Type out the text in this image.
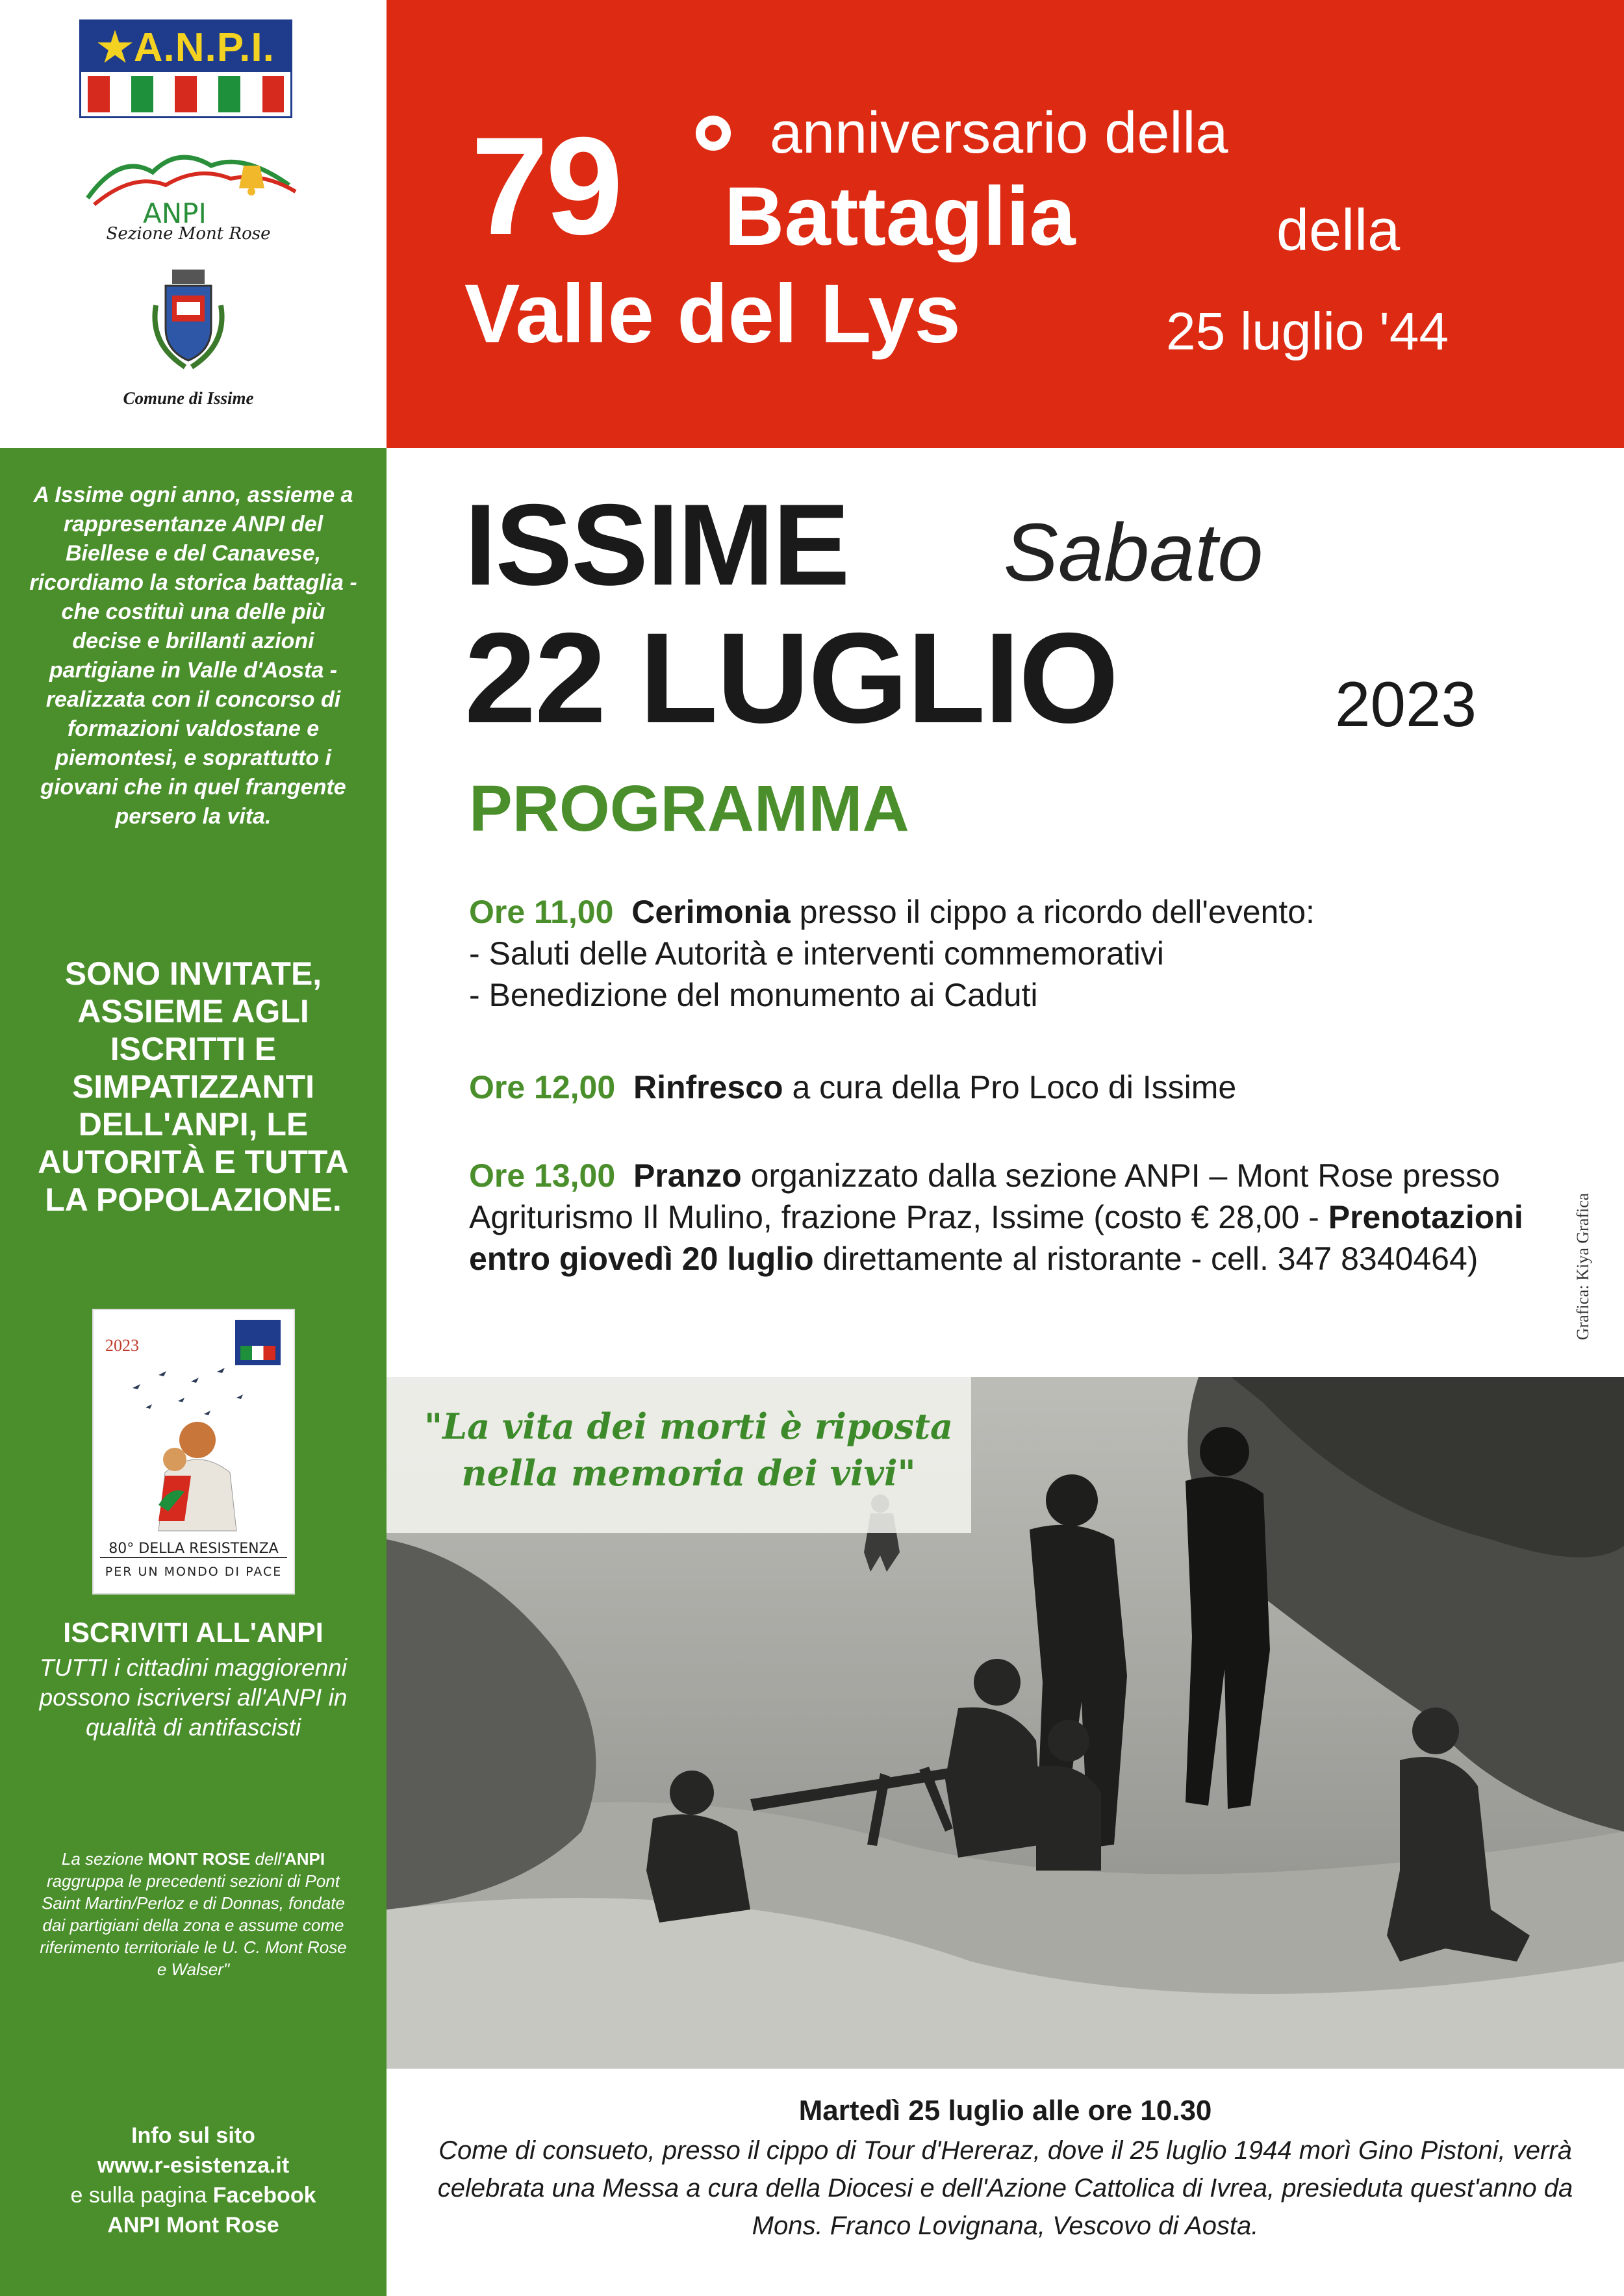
★A.N.P.I.
ANPI
Sezione Mont Rose
Comune di Issime
79	anniversario della
Battaglia	della
Valle del Lys	25 luglio '44
A Issime ogni anno, assieme a rappresentanze ANPI del Biellese e del Canavese, ricordiamo la storica battaglia - che costituì una delle più decise e brillanti azioni partigiane in Valle d'Aosta - realizzata con il concorso di formazioni valdostane e piemontesi, e soprattutto i giovani che in quel frangente persero la vita.
SONO INVITATE, ASSIEME AGLI ISCRITTI E SIMPATIZZANTI DELL'ANPI, LE AUTORITÀ E TUTTA LA POPOLAZIONE.
2023
80° DELLA RESISTENZA
PER UN MONDO DI PACE
ISCRIVITI ALL'ANPI
TUTTI i cittadini maggiorenni possono iscriversi all'ANPI in qualità di antifascisti
La sezione MONT ROSE dell'ANPI raggruppa le precedenti sezioni di Pont Saint Martin/Perloz e di Donnas, fondate dai partigiani della zona e assume come riferimento territoriale le U. C. Mont Rose e Walser"
Info sul sito
www.r-esistenza.it
e sulla pagina Facebook
ANPI Mont Rose
ISSIME Sabato
22 LUGLIO	2023
PROGRAMMA
Ore 11,00 Cerimonia presso il cippo a ricordo dell'evento:
- Saluti delle Autorità e interventi commemorativi
- Benedizione del monumento ai Caduti
Ore 12,00 Rinfresco a cura della Pro Loco di Issime
Ore 13,00 Pranzo organizzato dalla sezione ANPI – Mont Rose presso Agriturismo Il Mulino, frazione Praz, Issime (costo € 28,00 - Prenotazioni entro giovedì 20 luglio direttamente al ristorante - cell. 347 8340464)	Grafica: Kiya Grafica
"La vita dei morti è riposta
nella memoria dei vivi"
Martedì 25 luglio alle ore 10.30
Come di consueto, presso il cippo di Tour d'Hereraz, dove il 25 luglio 1944 morì Gino Pistoni, verrà celebrata una Messa a cura della Diocesi e dell'Azione Cattolica di Ivrea, presieduta quest'anno da Mons. Franco Lovignana, Vescovo di Aosta.
